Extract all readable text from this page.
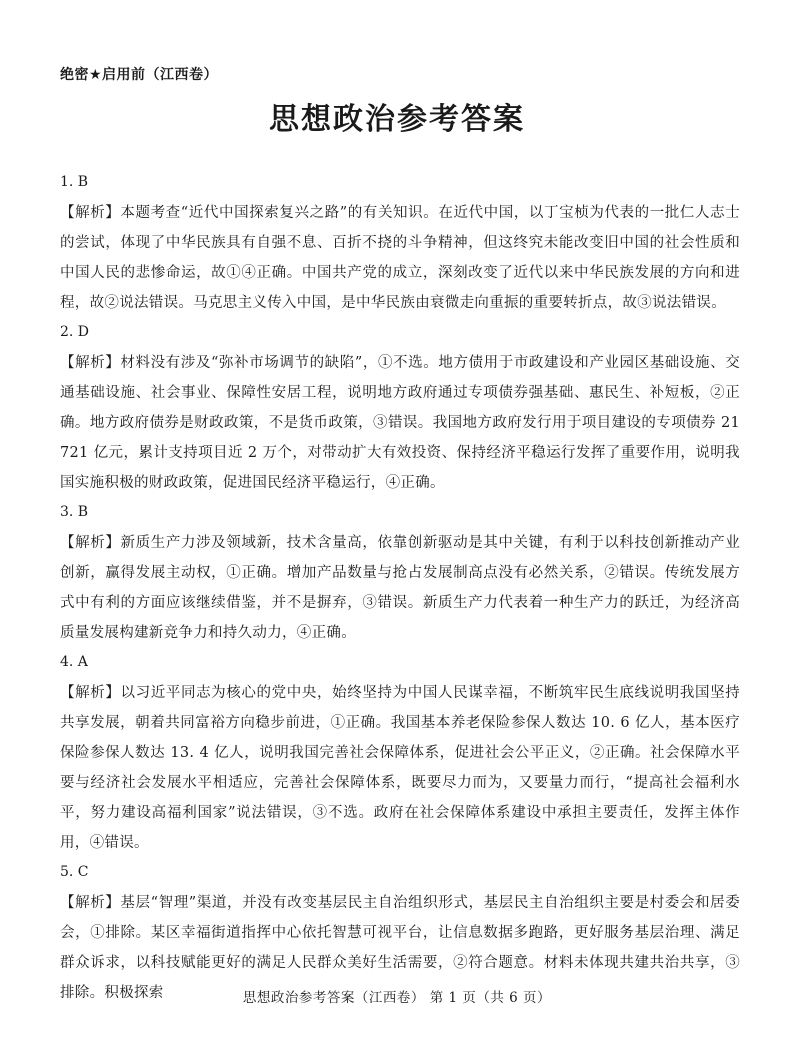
绝密★启用前（江西卷）
思想政治参考答案

1. B

【解析】本题考查“近代中国探索复兴之路”的有关知识。在近代中国，以丁宝桢为代表的一批仁人志士的尝试，体现了中华民族具有自强不息、百折不挠的斗争精神，但这终究未能改变旧中国的社会性质和中国人民的悲惨命运，故①④正确。中国共产党的成立，深刻改变了近代以来中华民族发展的方向和进程，故②说法错误。马克思主义传入中国，是中华民族由衰微走向重振的重要转折点，故③说法错误。

2. D

【解析】材料没有涉及“弥补市场调节的缺陷”，①不选。地方债用于市政建设和产业园区基础设施、交通基础设施、社会事业、保障性安居工程，说明地方政府通过专项债券强基础、惠民生、补短板，②正确。地方政府债券是财政政策，不是货币政策，③错误。我国地方政府发行用于项目建设的专项债券 21 721 亿元，累计支持项目近 2 万个，对带动扩大有效投资、保持经济平稳运行发挥了重要作用，说明我国实施积极的财政政策，促进国民经济平稳运行，④正确。

3. B

【解析】新质生产力涉及领域新，技术含量高，依靠创新驱动是其中关键，有利于以科技创新推动产业创新，赢得发展主动权，①正确。增加产品数量与抢占发展制高点没有必然关系，②错误。传统发展方式中有利的方面应该继续借鉴，并不是摒弃，③错误。新质生产力代表着一种生产力的跃迁，为经济高质量发展构建新竞争力和持久动力，④正确。

4. A

【解析】以习近平同志为核心的党中央，始终坚持为中国人民谋幸福，不断筑牢民生底线说明我国坚持共享发展，朝着共同富裕方向稳步前进，①正确。我国基本养老保险参保人数达 10. 6 亿人，基本医疗保险参保人数达 13. 4 亿人，说明我国完善社会保障体系，促进社会公平正义，②正确。社会保障水平要与经济社会发展水平相适应，完善社会保障体系，既要尽力而为，又要量力而行，“提高社会福利水平，努力建设高福利国家”说法错误，③不选。政府在社会保障体系建设中承担主要责任，发挥主体作用，④错误。

5. C

【解析】基层“智理”渠道，并没有改变基层民主自治组织形式，基层民主自治组织主要是村委会和居委会，①排除。某区幸福街道指挥中心依托智慧可视平台，让信息数据多跑路，更好服务基层治理、满足群众诉求，以科技赋能更好的满足人民群众美好生活需要，②符合题意。材料未体现共建共治共享，③排除。积极探索	思想政治参考答案（江西卷） 第 1 页（共 6 页）
